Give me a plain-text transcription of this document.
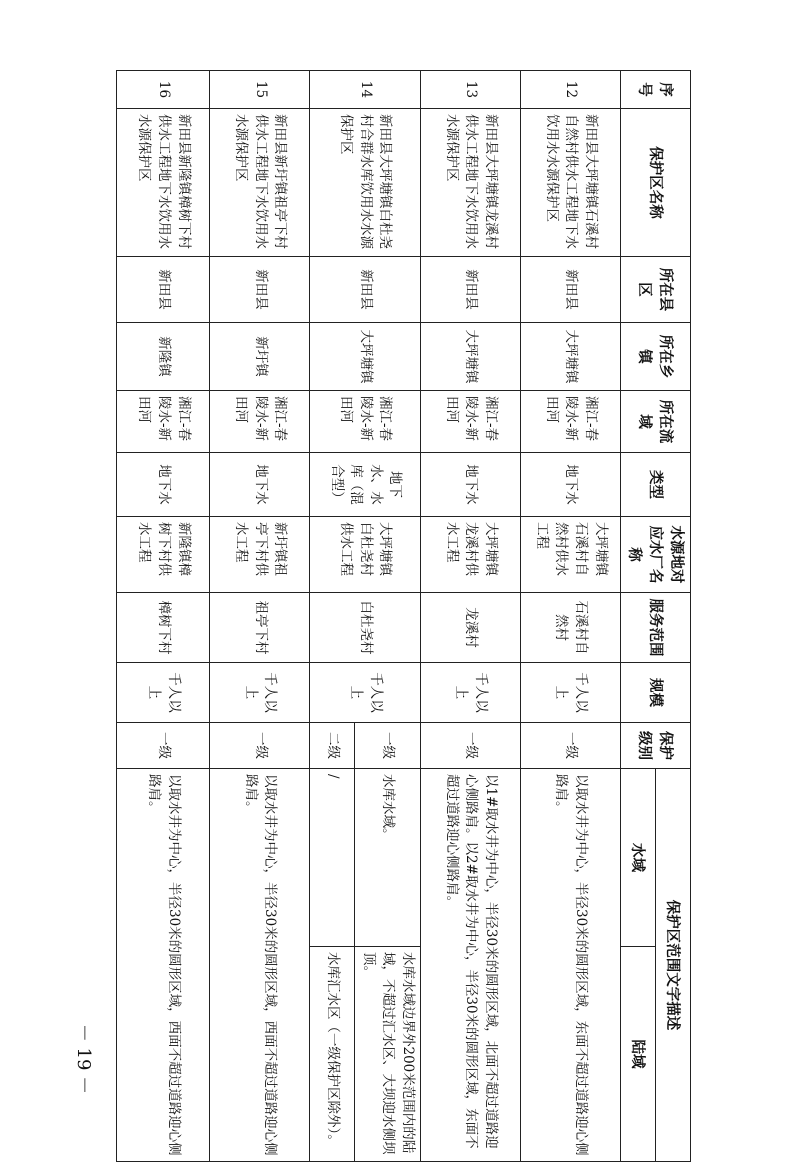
序号	保护区名称	所在县区	所在乡镇	所在流域	类型	水源地对应水厂名称	服务范围	规模	保护级别	保护区范围文字描述	
										水域	陆域
12	新田县大坪塘镇石溪村自然村供水工程地下水饮用水水源保护区	新田县	大坪塘镇	湘江-春陵水-新田河	地下水	大坪塘镇石溪村自然村供水工程	石溪村自然村	千人以上	一级	以取水井为中心，半径30米的圆形区域，东面不超过道路迎心侧路肩。	
13	新田县大坪塘镇龙溪村供水工程地下水饮用水水源保护区	新田县	大坪塘镇	湘江-春陵水-新田河	地下水	大坪塘镇龙溪村供水工程	龙溪村	千人以上	一级	以1#取水井为中心，半径30米的圆形区域，北面不超过道路迎心侧路肩。以2#取水井为中心，半径30米的圆形区域，东面不超过道路迎心侧路肩。	
14	新田县大坪塘镇白杜尧村合群水库饮用水水源保护区	新田县	大坪塘镇	湘江-春陵水-新田河	地下水、水库（混合型）	大坪塘镇白杜尧村供水工程	白杜尧村	千人以上	一级	水库水域。	水库水域边界外200米范围内的陆域，不超过汇水区、大坝迎水侧坝顶。
									二级	/	水库汇水区（一级保护区除外）。
15	新田县新圩镇祖亭下村供水工程地下水饮用水水源保护区	新田县	新圩镇	湘江-春陵水-新田河	地下水	新圩镇祖亭下村供水工程	祖亭下村	千人以上	一级	以取水井为中心，半径30米的圆形区域，西面不超过道路迎心侧路肩。	
16	新田县新隆镇樟树下村供水工程地下水饮用水水源保护区	新田县	新隆镇	湘江-春陵水-新田河	地下水	新隆镇樟树下村供水工程	樟树下村	千人以上	一级	以取水井为中心，半径30米的圆形区域，西面不超过道路迎心侧路肩。	
－ 19 －
